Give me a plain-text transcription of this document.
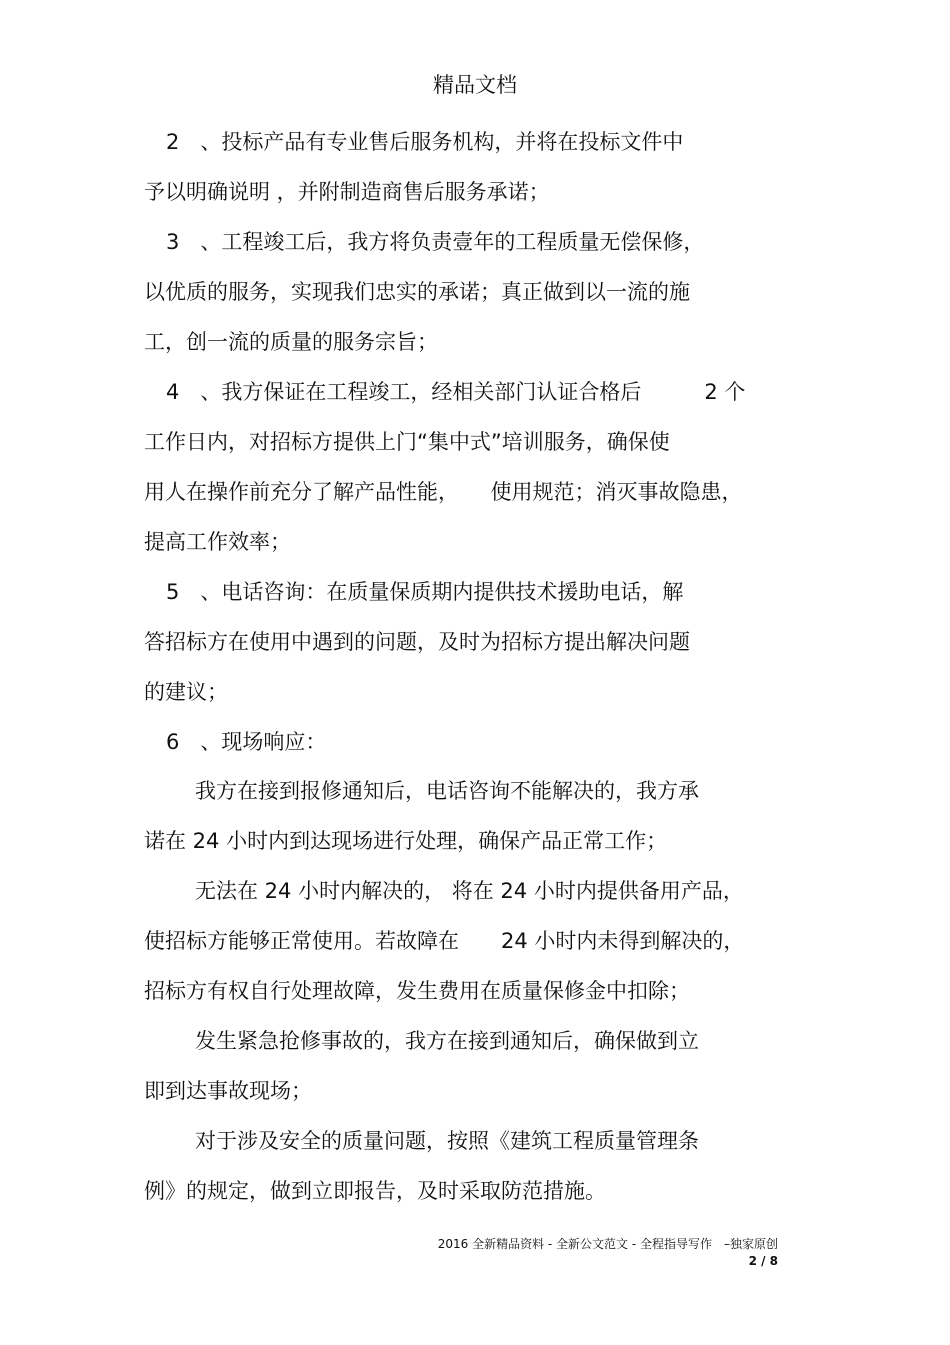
精品文档
2　、投标产品有专业售后服务机构，并将在投标文件中
予以明确说明 ，并附制造商售后服务承诺；
3　、工程竣工后，我方将负责壹年的工程质量无偿保修，
以优质的服务，实现我们忠实的承诺；真正做到以一流的施
工，创一流的质量的服务宗旨；
4　、我方保证在工程竣工，经相关部门认证合格后　　　2 个
工作日内，对招标方提供上门“集中式”培训服务，确保使
用人在操作前充分了解产品性能，　　使用规范；消灭事故隐患，
提高工作效率；
5　、电话咨询：在质量保质期内提供技术援助电话，解
答招标方在使用中遇到的问题，及时为招标方提出解决问题
的建议；
6　、现场响应：
我方在接到报修通知后，电话咨询不能解决的，我方承
诺在 24 小时内到达现场进行处理，确保产品正常工作；
无法在 24 小时内解决的， 将在 24 小时内提供备用产品，
使招标方能够正常使用。若故障在　　24 小时内未得到解决的，
招标方有权自行处理故障，发生费用在质量保修金中扣除；
发生紧急抢修事故的，我方在接到通知后，确保做到立
即到达事故现场；
对于涉及安全的质量问题，按照《建筑工程质量管理条
例》的规定，做到立即报告，及时采取防范措施。
2016 全新精品资料 - 全新公文范文 - 全程指导写作　–独家原创
2 / 8
